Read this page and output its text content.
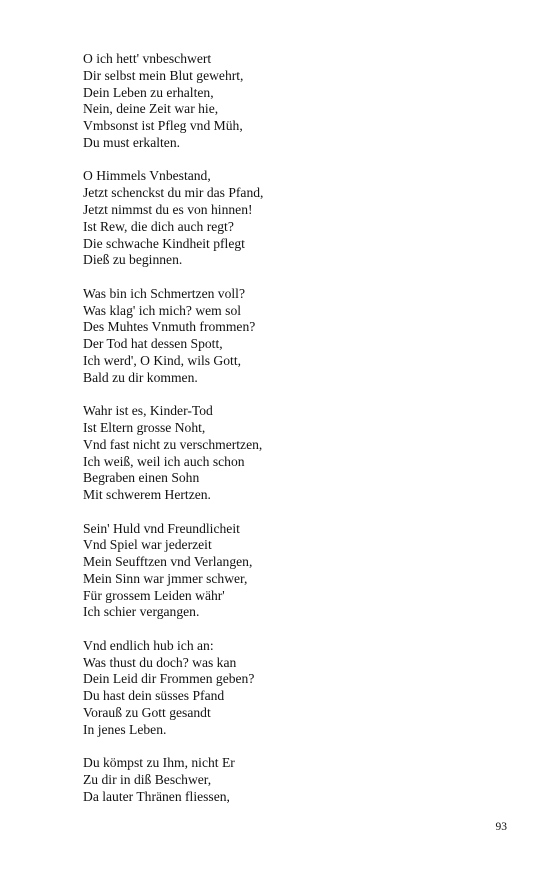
O ich hett' vnbeschwert
Dir selbst mein Blut gewehrt,
Dein Leben zu erhalten,
Nein, deine Zeit war hie,
Vmbsonst ist Pfleg vnd Müh,
Du must erkalten.
O Himmels Vnbestand,
Jetzt schenckst du mir das Pfand,
Jetzt nimmst du es von hinnen!
Ist Rew, die dich auch regt?
Die schwache Kindheit pflegt
Dieß zu beginnen.
Was bin ich Schmertzen voll?
Was klag' ich mich? wem sol
Des Muhtes Vnmuth frommen?
Der Tod hat dessen Spott,
Ich werd', O Kind, wils Gott,
Bald zu dir kommen.
Wahr ist es, Kinder-Tod
Ist Eltern grosse Noht,
Vnd fast nicht zu verschmertzen,
Ich weiß, weil ich auch schon
Begraben einen Sohn
Mit schwerem Hertzen.
Sein' Huld vnd Freundlicheit
Vnd Spiel war jederzeit
Mein Seufftzen vnd Verlangen,
Mein Sinn war jmmer schwer,
Für grossem Leiden währ'
Ich schier vergangen.
Vnd endlich hub ich an:
Was thust du doch? was kan
Dein Leid dir Frommen geben?
Du hast dein süsses Pfand
Vorauß zu Gott gesandt
In jenes Leben.
Du kömpst zu Ihm, nicht Er
Zu dir in diß Beschwer,
Da lauter Thränen fliessen,
93
